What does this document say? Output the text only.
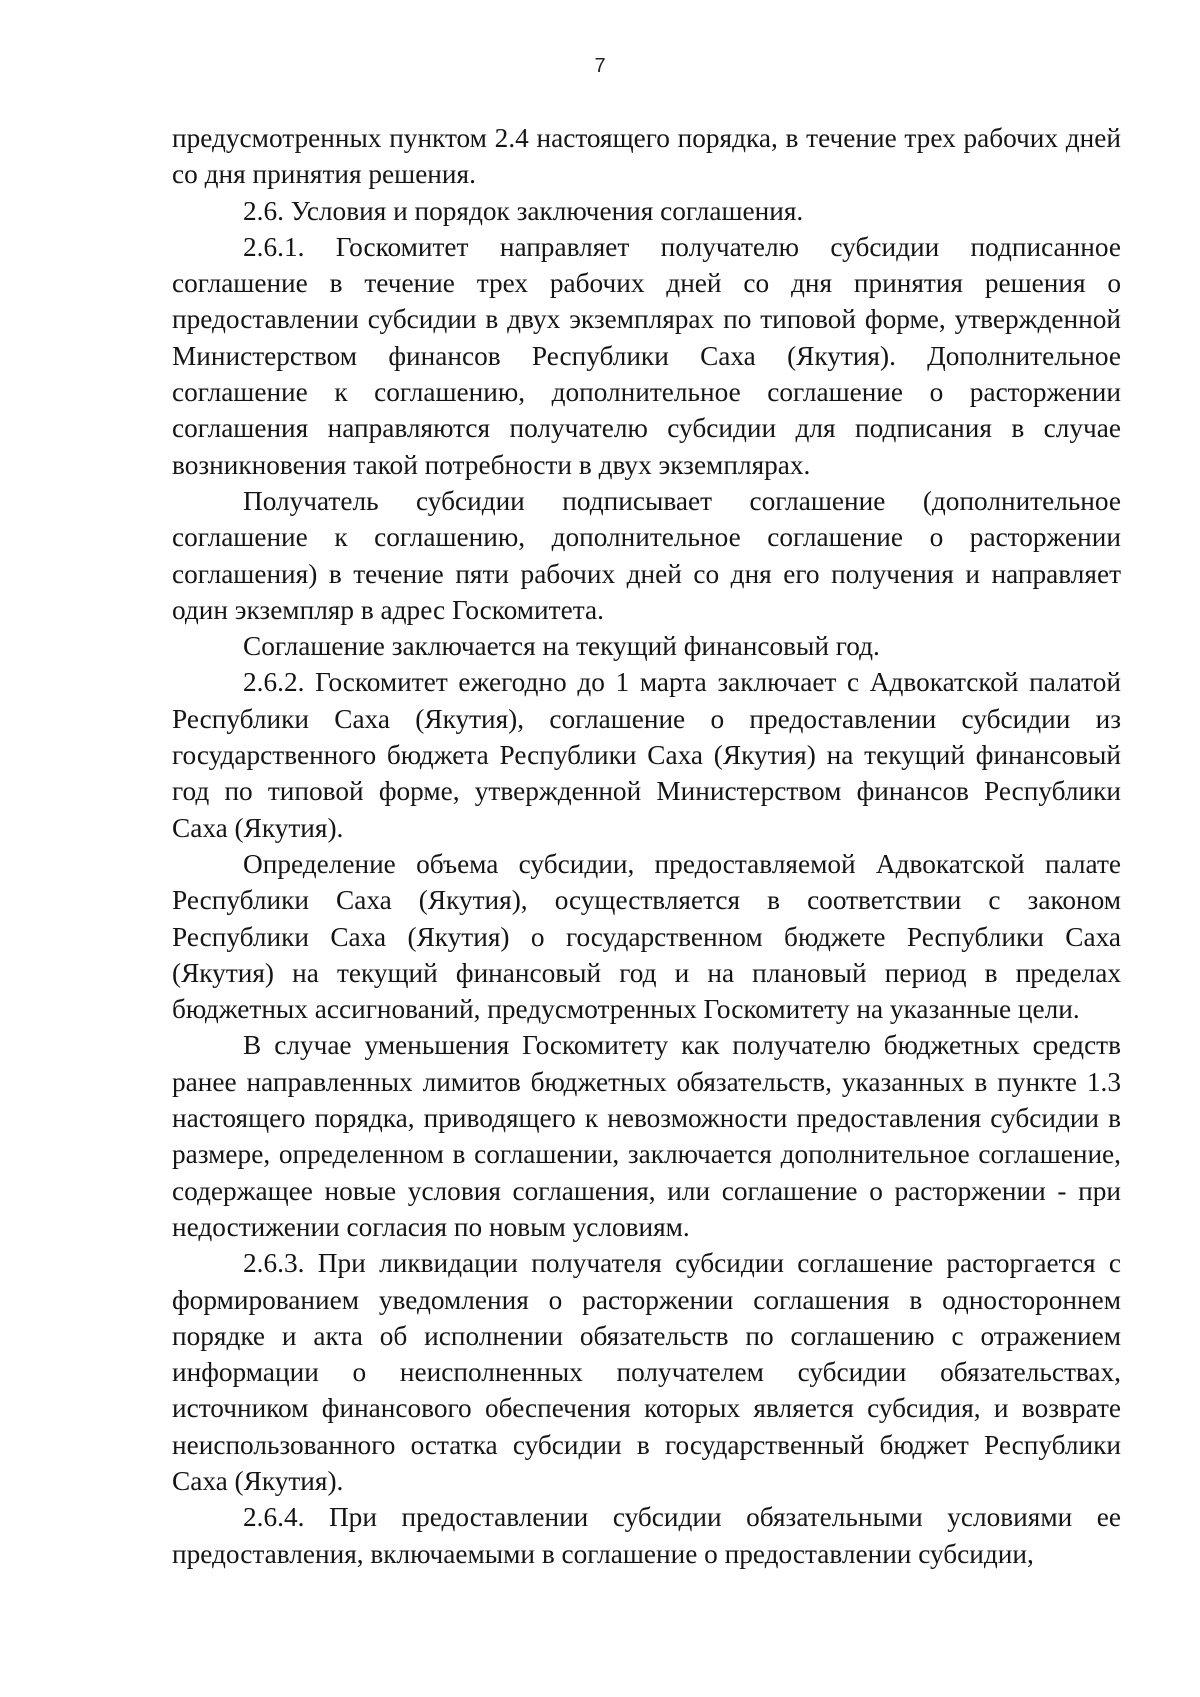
7

предусмотренных пунктом 2.4 настоящего порядка, в течение трех рабочих дней со дня принятия решения.

2.6. Условия и порядок заключения соглашения.

2.6.1. Госкомитет направляет получателю субсидии подписанное соглашение в течение трех рабочих дней со дня принятия решения о предоставлении субсидии в двух экземплярах по типовой форме, утвержденной Министерством финансов Республики Саха (Якутия). Дополнительное соглашение к соглашению, дополнительное соглашение о расторжении соглашения направляются получателю субсидии для подписания в случае возникновения такой потребности в двух экземплярах.

Получатель субсидии подписывает соглашение (дополнительное соглашение к соглашению, дополнительное соглашение о расторжении соглашения) в течение пяти рабочих дней со дня его получения и направляет один экземпляр в адрес Госкомитета.

Соглашение заключается на текущий финансовый год.

2.6.2. Госкомитет ежегодно до 1 марта заключает с Адвокатской палатой Республики Саха (Якутия), соглашение о предоставлении субсидии из государственного бюджета Республики Саха (Якутия) на текущий финансовый год по типовой форме, утвержденной Министерством финансов Республики Саха (Якутия).

Определение объема субсидии, предоставляемой Адвокатской палате Республики Саха (Якутия), осуществляется в соответствии с законом Республики Саха (Якутия) о государственном бюджете Республики Саха (Якутия) на текущий финансовый год и на плановый период в пределах бюджетных ассигнований, предусмотренных Госкомитету на указанные цели.

В случае уменьшения Госкомитету как получателю бюджетных средств ранее направленных лимитов бюджетных обязательств, указанных в пункте 1.3 настоящего порядка, приводящего к невозможности предоставления субсидии в размере, определенном в соглашении, заключается дополнительное соглашение, содержащее новые условия соглашения, или соглашение о расторжении - при недостижении согласия по новым условиям.

2.6.3. При ликвидации получателя субсидии соглашение расторгается с формированием уведомления о расторжении соглашения в одностороннем порядке и акта об исполнении обязательств по соглашению с отражением информации о неисполненных получателем субсидии обязательствах, источником финансового обеспечения которых является субсидия, и возврате неиспользованного остатка субсидии в государственный бюджет Республики Саха (Якутия).

2.6.4. При предоставлении субсидии обязательными условиями ее предоставления, включаемыми в соглашение о предоставлении субсидии,
